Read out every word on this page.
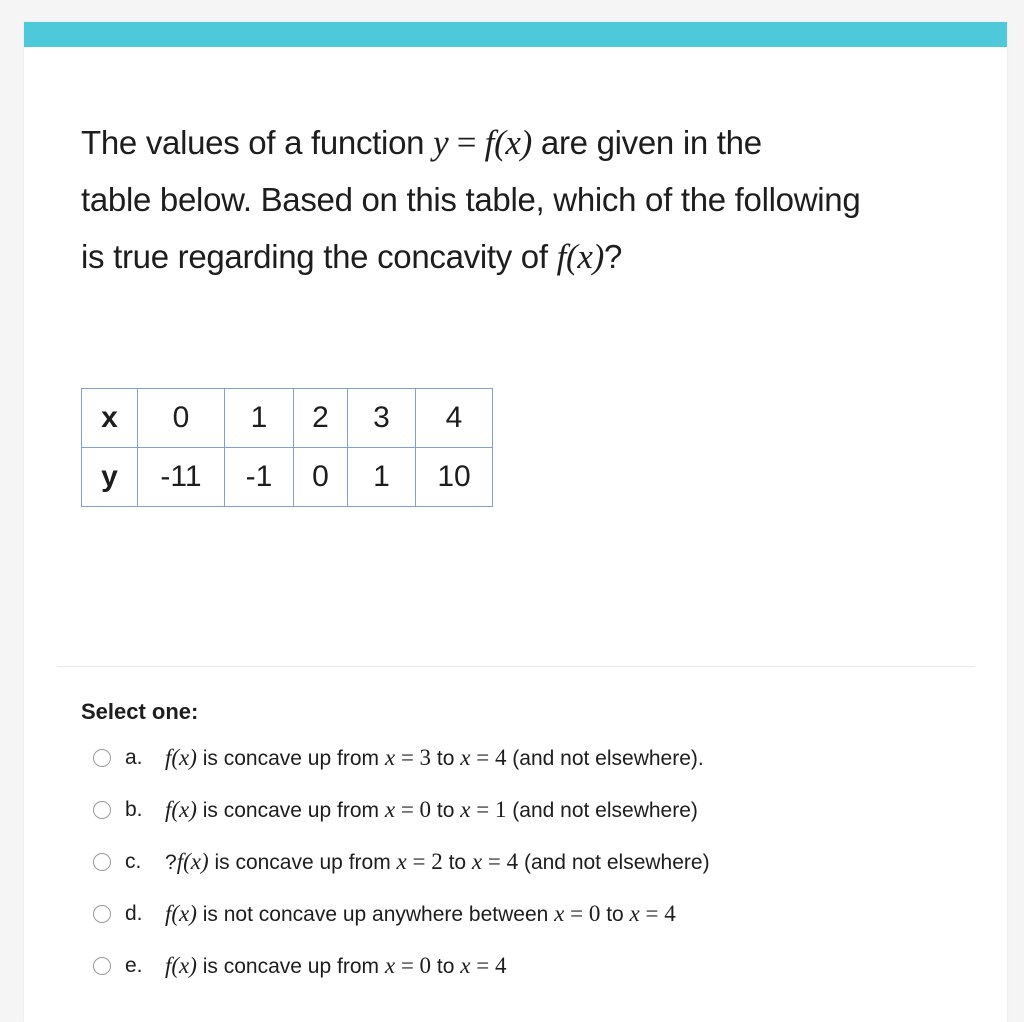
The values of a function y = f(x) are given in the
table below. Based on this table, which of the following
is true regarding the concavity of f(x)?
x	0	1	2	3	4
y	-11	-1	0	1	10
Select one:
a. f(x) is concave up from x = 3 to x = 4 (and not elsewhere).
b. f(x) is concave up from x = 0 to x = 1 (and not elsewhere)
c.	?f(x) is concave up from x = 2 to x = 4 (and not elsewhere)
d. f(x) is not concave up anywhere between x = 0 to x = 4
e. f(x) is concave up from x = 0 to x = 4
